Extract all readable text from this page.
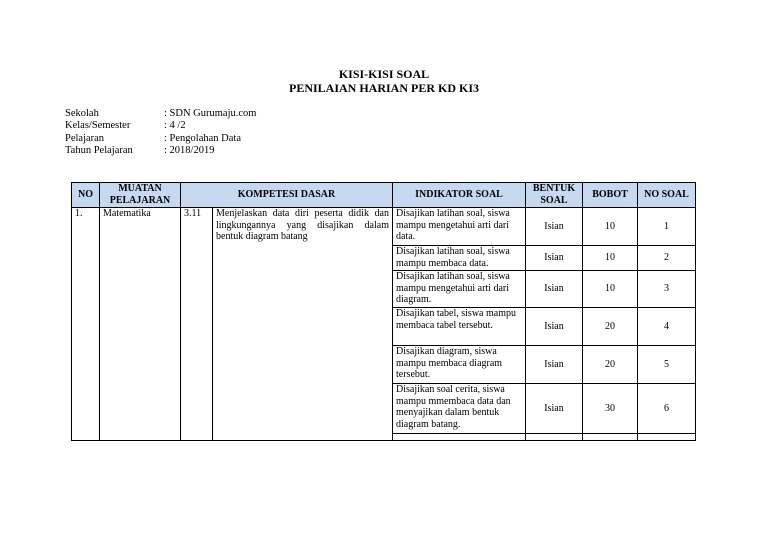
KISI-KISI SOAL
PENILAIAN HARIAN PER KD KI3
Sekolah	: SDN Gurumaju.com
Kelas/Semester	: 4 /2
Pelajaran	: Pengolahan Data
Tahun Pelajaran	: 2018/2019
NO	MUATAN PELAJARAN	KOMPETESI DASAR		INDIKATOR SOAL	BENTUK SOAL	BOBOT	NO SOAL
1.	Matematika	3.11	Menjelaskan data diri peserta didik dan lingkungannya yang disajikan dalam bentuk diagram batang	Disajikan latihan soal, siswa mampu mengetahui arti dari data.	Isian	10	1
				Disajikan latihan soal, siswa mampu membaca data.	Isian	10	2
				Disajikan latihan soal, siswa mampu mengetahui arti dari diagram.	Isian	10	3
				Disajikan tabel, siswa mampu membaca tabel tersebut.	Isian	20	4
				Disajikan diagram, siswa mampu membaca diagram tersebut.	Isian	20	5
				Disajikan soal cerita, siswa mampu mmembaca data dan menyajikan dalam bentuk diagram batang.	Isian	30	6
